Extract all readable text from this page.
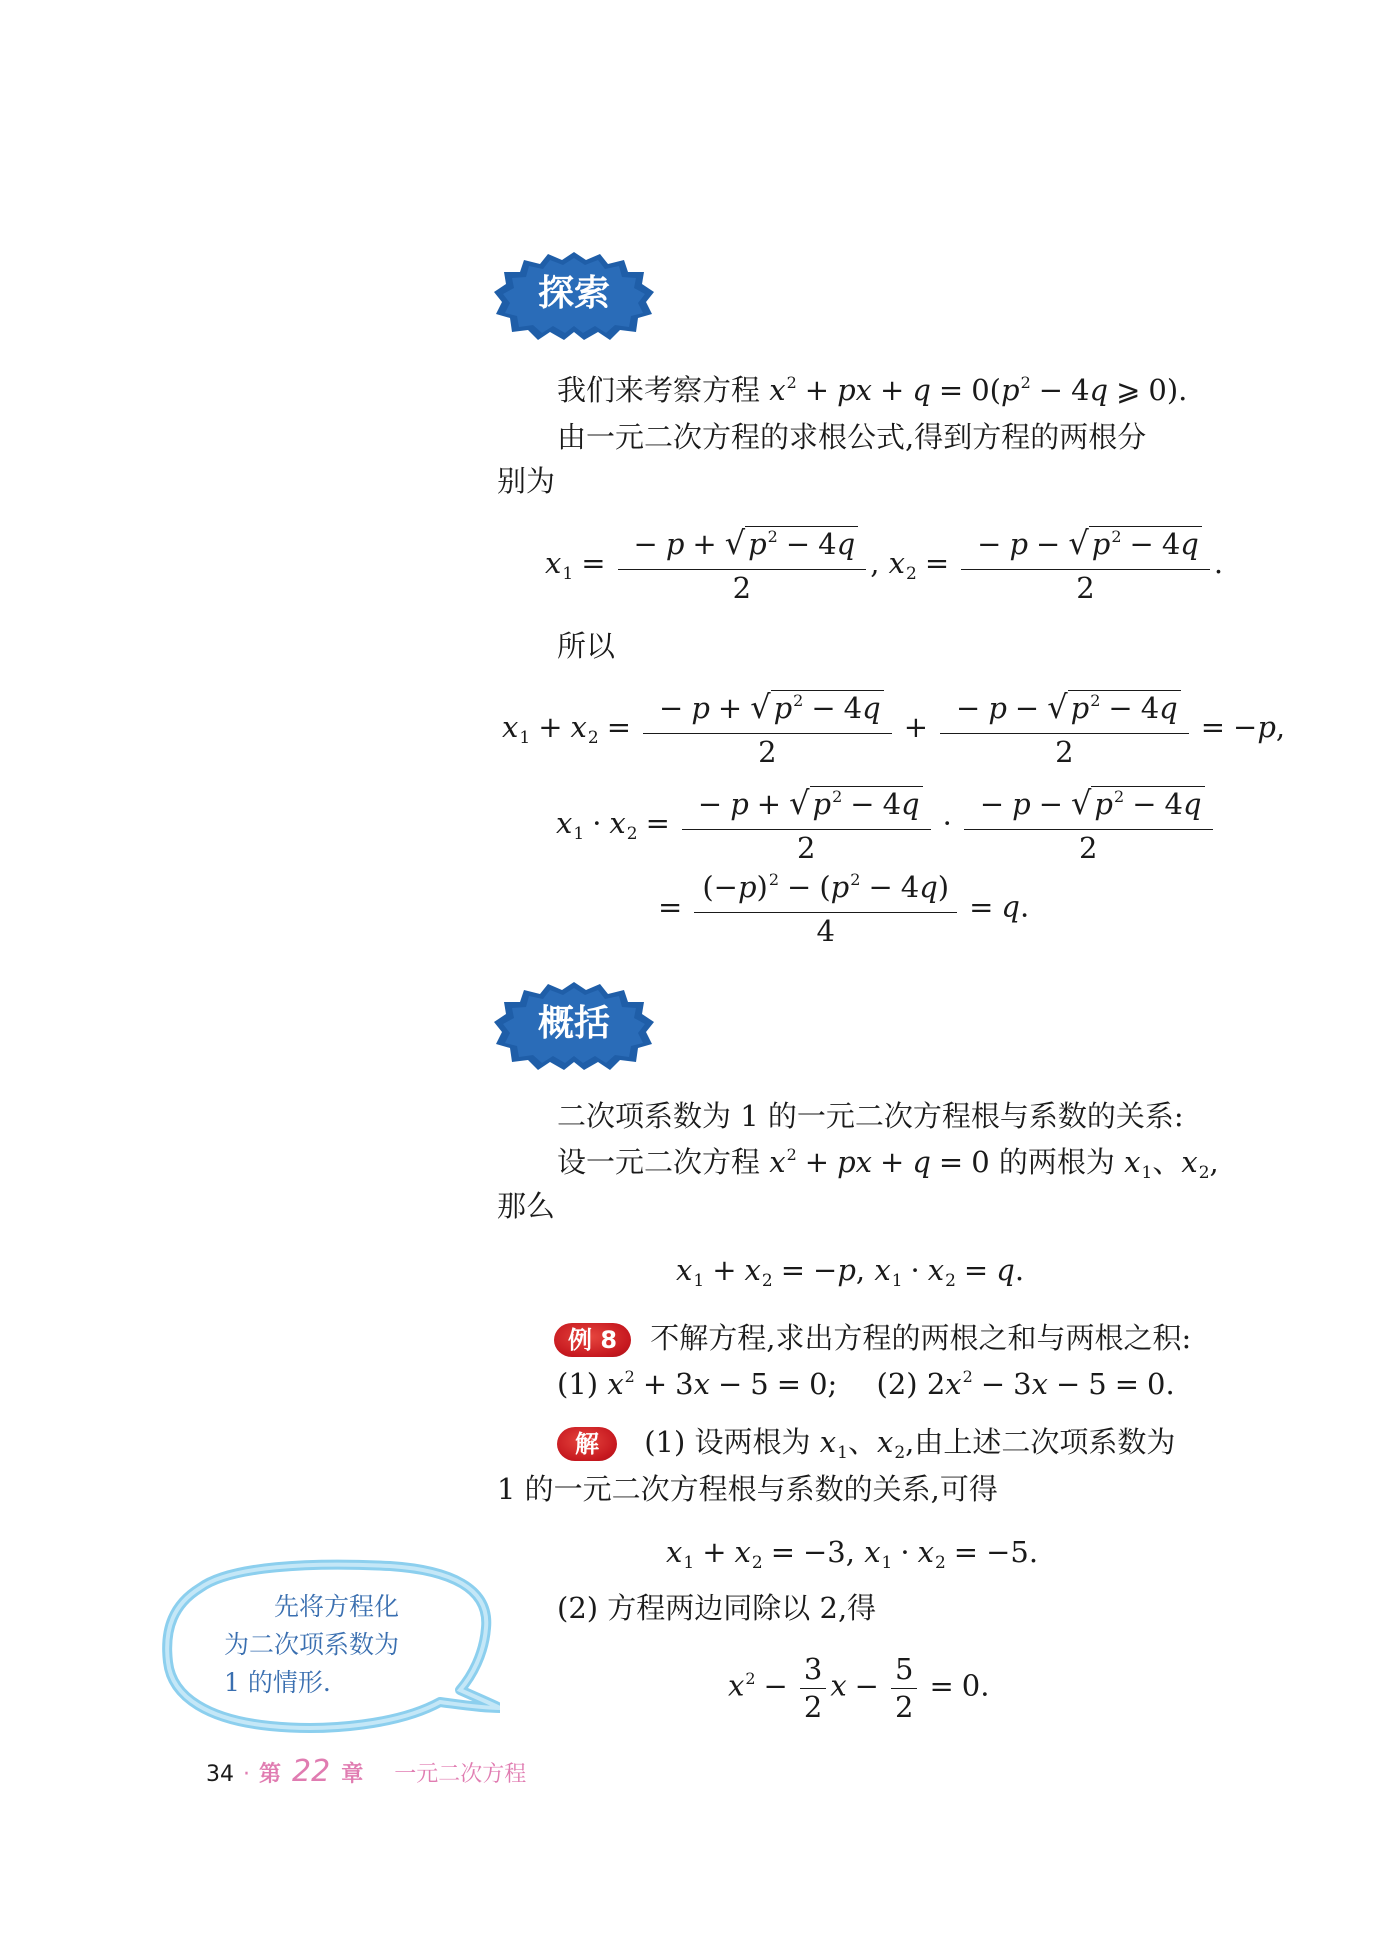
探索
我们来考察方程 $x^2$ + px + $q = 0(p^2 - 4q$ ⩾ 0).
由一元二次方程的求根公式,得到方程的两根分
别为
$x_1 = \frac{- p + √ p^2 - 4q}{2}$ , $x_2 = \frac{- p - √ p^2 - 4q}{2}$ .
所以
$x_1 + x_2 = \frac{- p + √ p^2 - 4q}{2} + \frac{- p - √ p^2 - 4q}{2} = -p$,
$x_1 \cdot x_2 = \frac{- p + √ p^2 - 4q}{2} \cdot \frac{- p - √ p^2 - 4q}{2}$
= $\frac{(-p)^2 - (p^2 - 4q)}{4} = q$.
概括
二次项系数为 1 的一元二次方程根与系数的关系:
设一元二次方程 $x^2$ + px + q = 0 的两根为 $x_1$、$x_2$,
那么
$x_1 + x_2 = -p$, $x_1 \cdot x_2 = q$.
例 8 不解方程,求出方程的两根之和与两根之积:
(1) $x^2 + 3x - 5 = 0$; (2) $2x^2 - 3x - 5 = 0$.
解 (1) 设两根为 $x_1$、$x_2$,由上述二次项系数为
1 的一元二次方程根与系数的关系,可得
$x_1 + x_2 = -3$, $x_1 \cdot x_2 = -5$.
(2) 方程两边同除以 2,得
$x^2 - \frac{3}{2}$ $x - \frac{5}{2} = 0$.
先将方程化
为二次项系数为
1 的情形.
34 · 第 22 章 一元二次方程
